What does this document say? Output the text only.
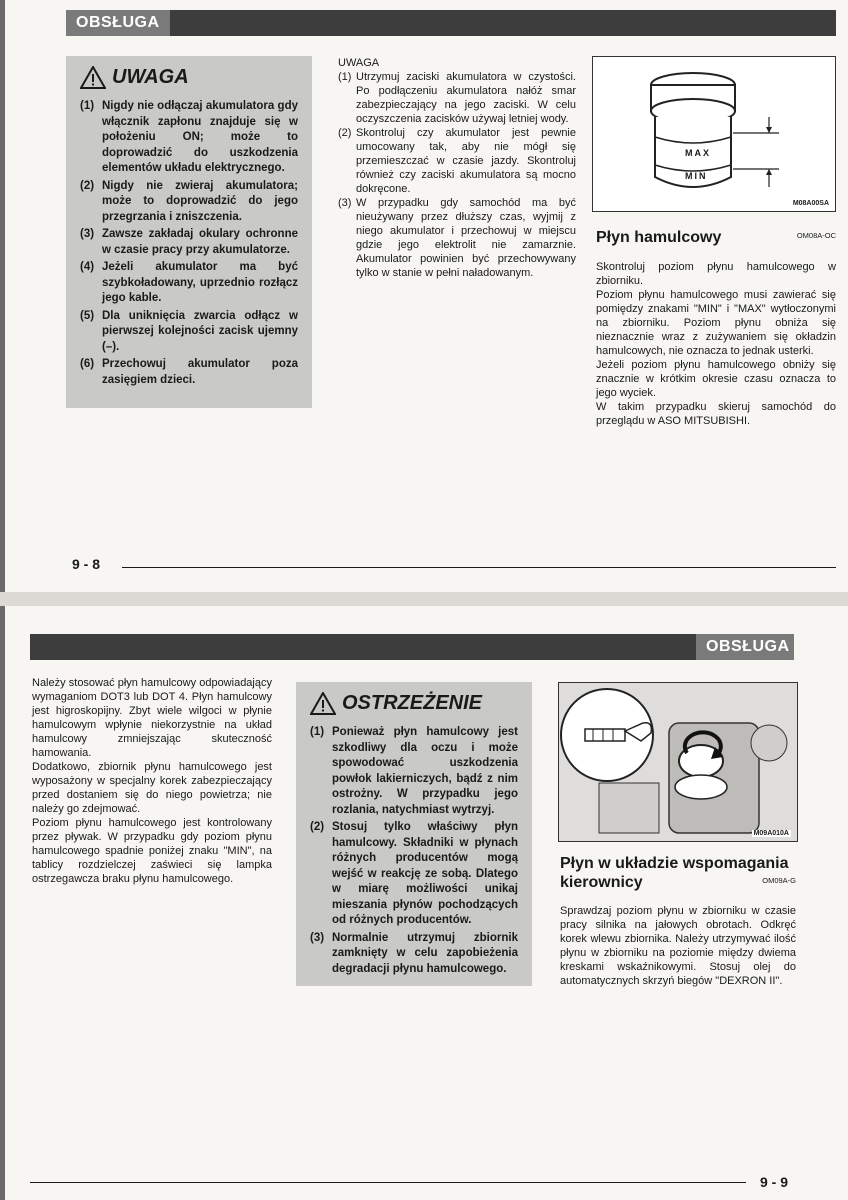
OBSŁUGA
UWAGA
(1) Nigdy nie odłączaj akumulatora gdy włącznik zapłonu znajduje się w położeniu ON; może to doprowadzić do uszkodzenia elementów układu elektrycznego.
(2) Nigdy nie zwieraj akumulatora; może to doprowadzić do jego przegrzania i zniszczenia.
(3) Zawsze zakładaj okulary ochronne w czasie pracy przy akumulatorze.
(4) Jeżeli akumulator ma być szybkoładowany, uprzednio rozłącz jego kable.
(5) Dla uniknięcia zwarcia odłącz w pierwszej kolejności zacisk ujemny (–).
(6) Przechowuj akumulator poza zasięgiem dzieci.

UWAGA

(1) Utrzymuj zaciski akumulatora w czystości. Po podłączeniu akumulatora nałóż smar zabezpieczający na jego zaciski. W celu oczyszczenia zacisków używaj letniej wody.
(2) Skontroluj czy akumulator jest pewnie umocowany tak, aby nie mógł się przemieszczać w czasie jazdy. Skontroluj również czy zaciski akumulatora są mocno dokręcone.
(3) W przypadku gdy samochód ma być nieużywany przez dłuższy czas, wyjmij z niego akumulator i przechowuj w miejscu gdzie jego elektrolit nie zamarznie. Akumulator powinien być przechowywany tylko w stanie w pełni naładowanym.
MAX
MIN
M08A00SA
Płyn hamulcowy	OM08A-OC

Skontroluj poziom płynu hamulcowego w zbiorniku.

Poziom płynu hamulcowego musi zawierać się pomiędzy znakami "MIN" i "MAX" wytłoczonymi na zbiorniku. Poziom płynu obniża się nieznacznie wraz z zużywaniem się okładzin hamulcowych, nie oznacza to jednak usterki.

Jeżeli poziom płynu hamulcowego obniży się znacznie w krótkim okresie czasu oznacza to jego wyciek.

W takim przypadku skieruj samochód do przeglądu w ASO MITSUBISHI.

9 - 8
OBSŁUGA

Należy stosować płyn hamulcowy odpowiadający wymaganiom DOT3 lub DOT 4. Płyn hamulcowy jest higroskopijny. Zbyt wiele wilgoci w płynie hamulcowym wpłynie niekorzystnie na układ hamulcowy zmniejszając skuteczność hamowania.

Dodatkowo, zbiornik płynu hamulcowego jest wyposażony w specjalny korek zabezpieczający przed dostaniem się do niego powietrza; nie należy go zdejmować.

Poziom płynu hamulcowego jest kontrolowany przez pływak. W przypadku gdy poziom płynu hamulcowego spadnie poniżej znaku "MIN", na tablicy rozdzielczej zaświeci się lampka ostrzegawcza braku płynu hamulcowego.

OSTRZEŻENIE
(1) Ponieważ płyn hamulcowy jest szkodliwy dla oczu i może spowodować uszkodzenia powłok lakierniczych, bądź z nim ostrożny. W przypadku jego rozlania, natychmiast wytrzyj.
(2) Stosuj tylko właściwy płyn hamulcowy. Składniki w płynach różnych producentów mogą wejść w reakcję ze sobą. Dlatego w miarę możliwości unikaj mieszania płynów pochodzących od różnych producentów.
(3) Normalnie utrzymuj zbiornik zamknięty w celu zapobieżenia degradacji płynu hamulcowego.
M09A010A
Płyn w układzie wspomagania kierownicy	OM09A-G

Sprawdzaj poziom płynu w zbiorniku w czasie pracy silnika na jałowych obrotach. Odkręć korek wlewu zbiornika. Należy utrzymywać ilość płynu w zbiorniku na poziomie między dwiema kreskami wskaźnikowymi. Stosuj olej do automatycznych skrzyń biegów "DEXRON II".

9 - 9
